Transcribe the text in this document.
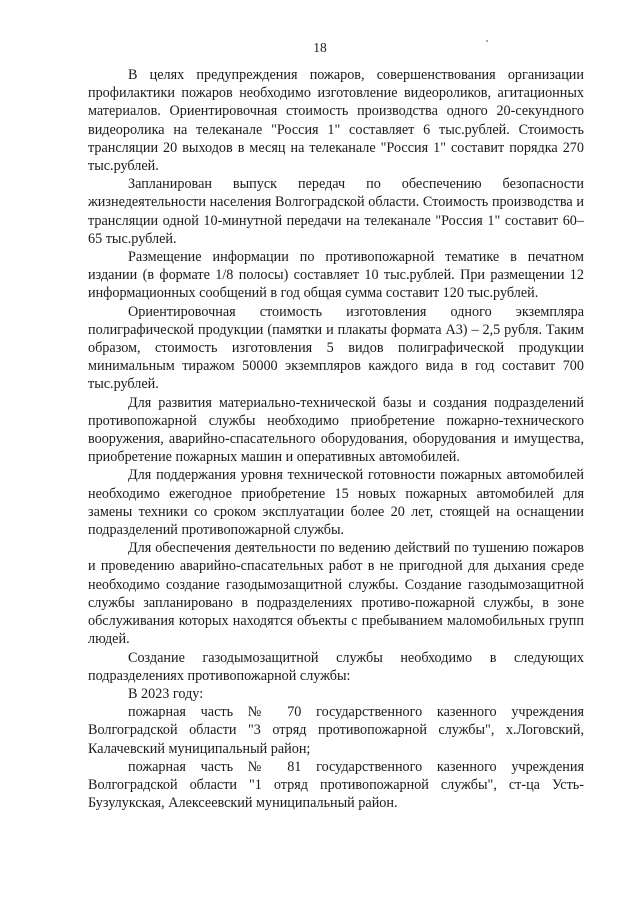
18

В целях предупреждения пожаров, совершенствования организации профилактики пожаров необходимо изготовление видеороликов, агитационных материалов. Ориентировочная стоимость производства одного 20-секундного видеоролика на телеканале "Россия 1" составляет 6 тыс.рублей. Стоимость трансляции 20 выходов в месяц на телеканале "Россия 1" составит порядка 270 тыс.рублей.

Запланирован выпуск передач по обеспечению безопасности жизнедеятельности населения Волгоградской области. Стоимость производства и трансляции одной 10-минутной передачи на телеканале "Россия 1" составит 60–65 тыс.рублей.

Размещение информации по противопожарной тематике в печатном издании (в формате 1/8 полосы) составляет 10 тыс.рублей. При размещении 12 информационных сообщений в год общая сумма составит 120 тыс.рублей.

Ориентировочная стоимость изготовления одного экземпляра полиграфической продукции (памятки и плакаты формата А3) – 2,5 рубля. Таким образом, стоимость изготовления 5 видов полиграфической продукции минимальным тиражом 50000 экземпляров каждого вида в год составит 700 тыс.рублей.

Для развития материально-технической базы и создания подразделений противопожарной службы необходимо приобретение пожарно-технического вооружения, аварийно-спасательного оборудования, оборудования и имущества, приобретение пожарных машин и оперативных автомобилей.

Для поддержания уровня технической готовности пожарных автомобилей необходимо ежегодное приобретение 15 новых пожарных автомобилей для замены техники со сроком эксплуатации более 20 лет, стоящей на оснащении подразделений противопожарной службы.

Для обеспечения деятельности по ведению действий по тушению пожаров и проведению аварийно-спасательных работ в не пригодной для дыхания среде необходимо создание газодымозащитной службы. Создание газодымозащитной службы запланировано в подразделениях противо-пожарной службы, в зоне обслуживания которых находятся объекты с пребыванием маломобильных групп людей.

Создание газодымозащитной службы необходимо в следующих подразделениях противопожарной службы:

В 2023 году:

пожарная часть № 70 государственного казенного учреждения Волгоградской области "3 отряд противопожарной службы", х.Логовский, Калачевский муниципальный район;

пожарная часть № 81 государственного казенного учреждения Волгоградской области "1 отряд противопожарной службы", ст-ца Усть-Бузулукская, Алексеевский муниципальный район.
